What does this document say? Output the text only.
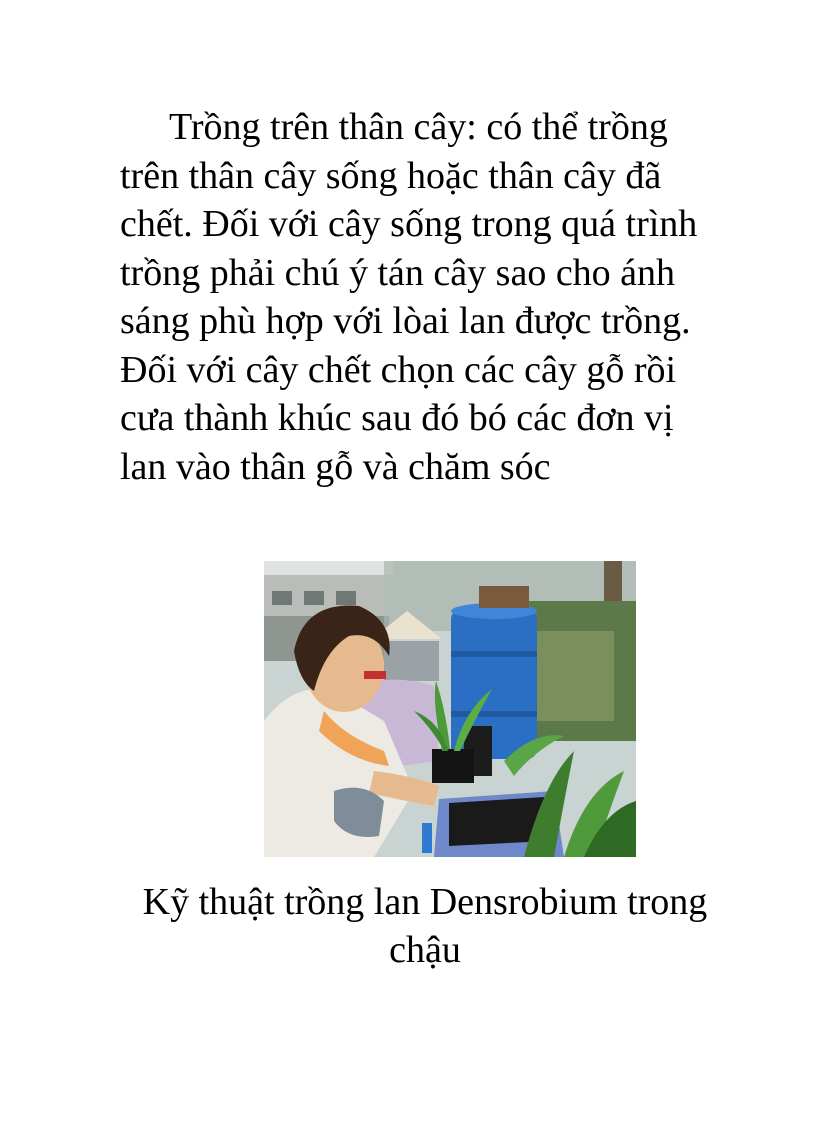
Trồng trên thân cây: có thể trồng
trên thân cây sống hoặc thân cây đã
chết. Đối với cây sống trong quá trình
trồng phải chú ý tán cây sao cho ánh
sáng phù hợp với lòai lan được trồng.
Đối với cây chết chọn các cây gỗ rồi
cưa thành khúc sau đó bó các đơn vị
lan vào thân gỗ và chăm sóc
Kỹ thuật trồng lan Densrobium trong
chậu
